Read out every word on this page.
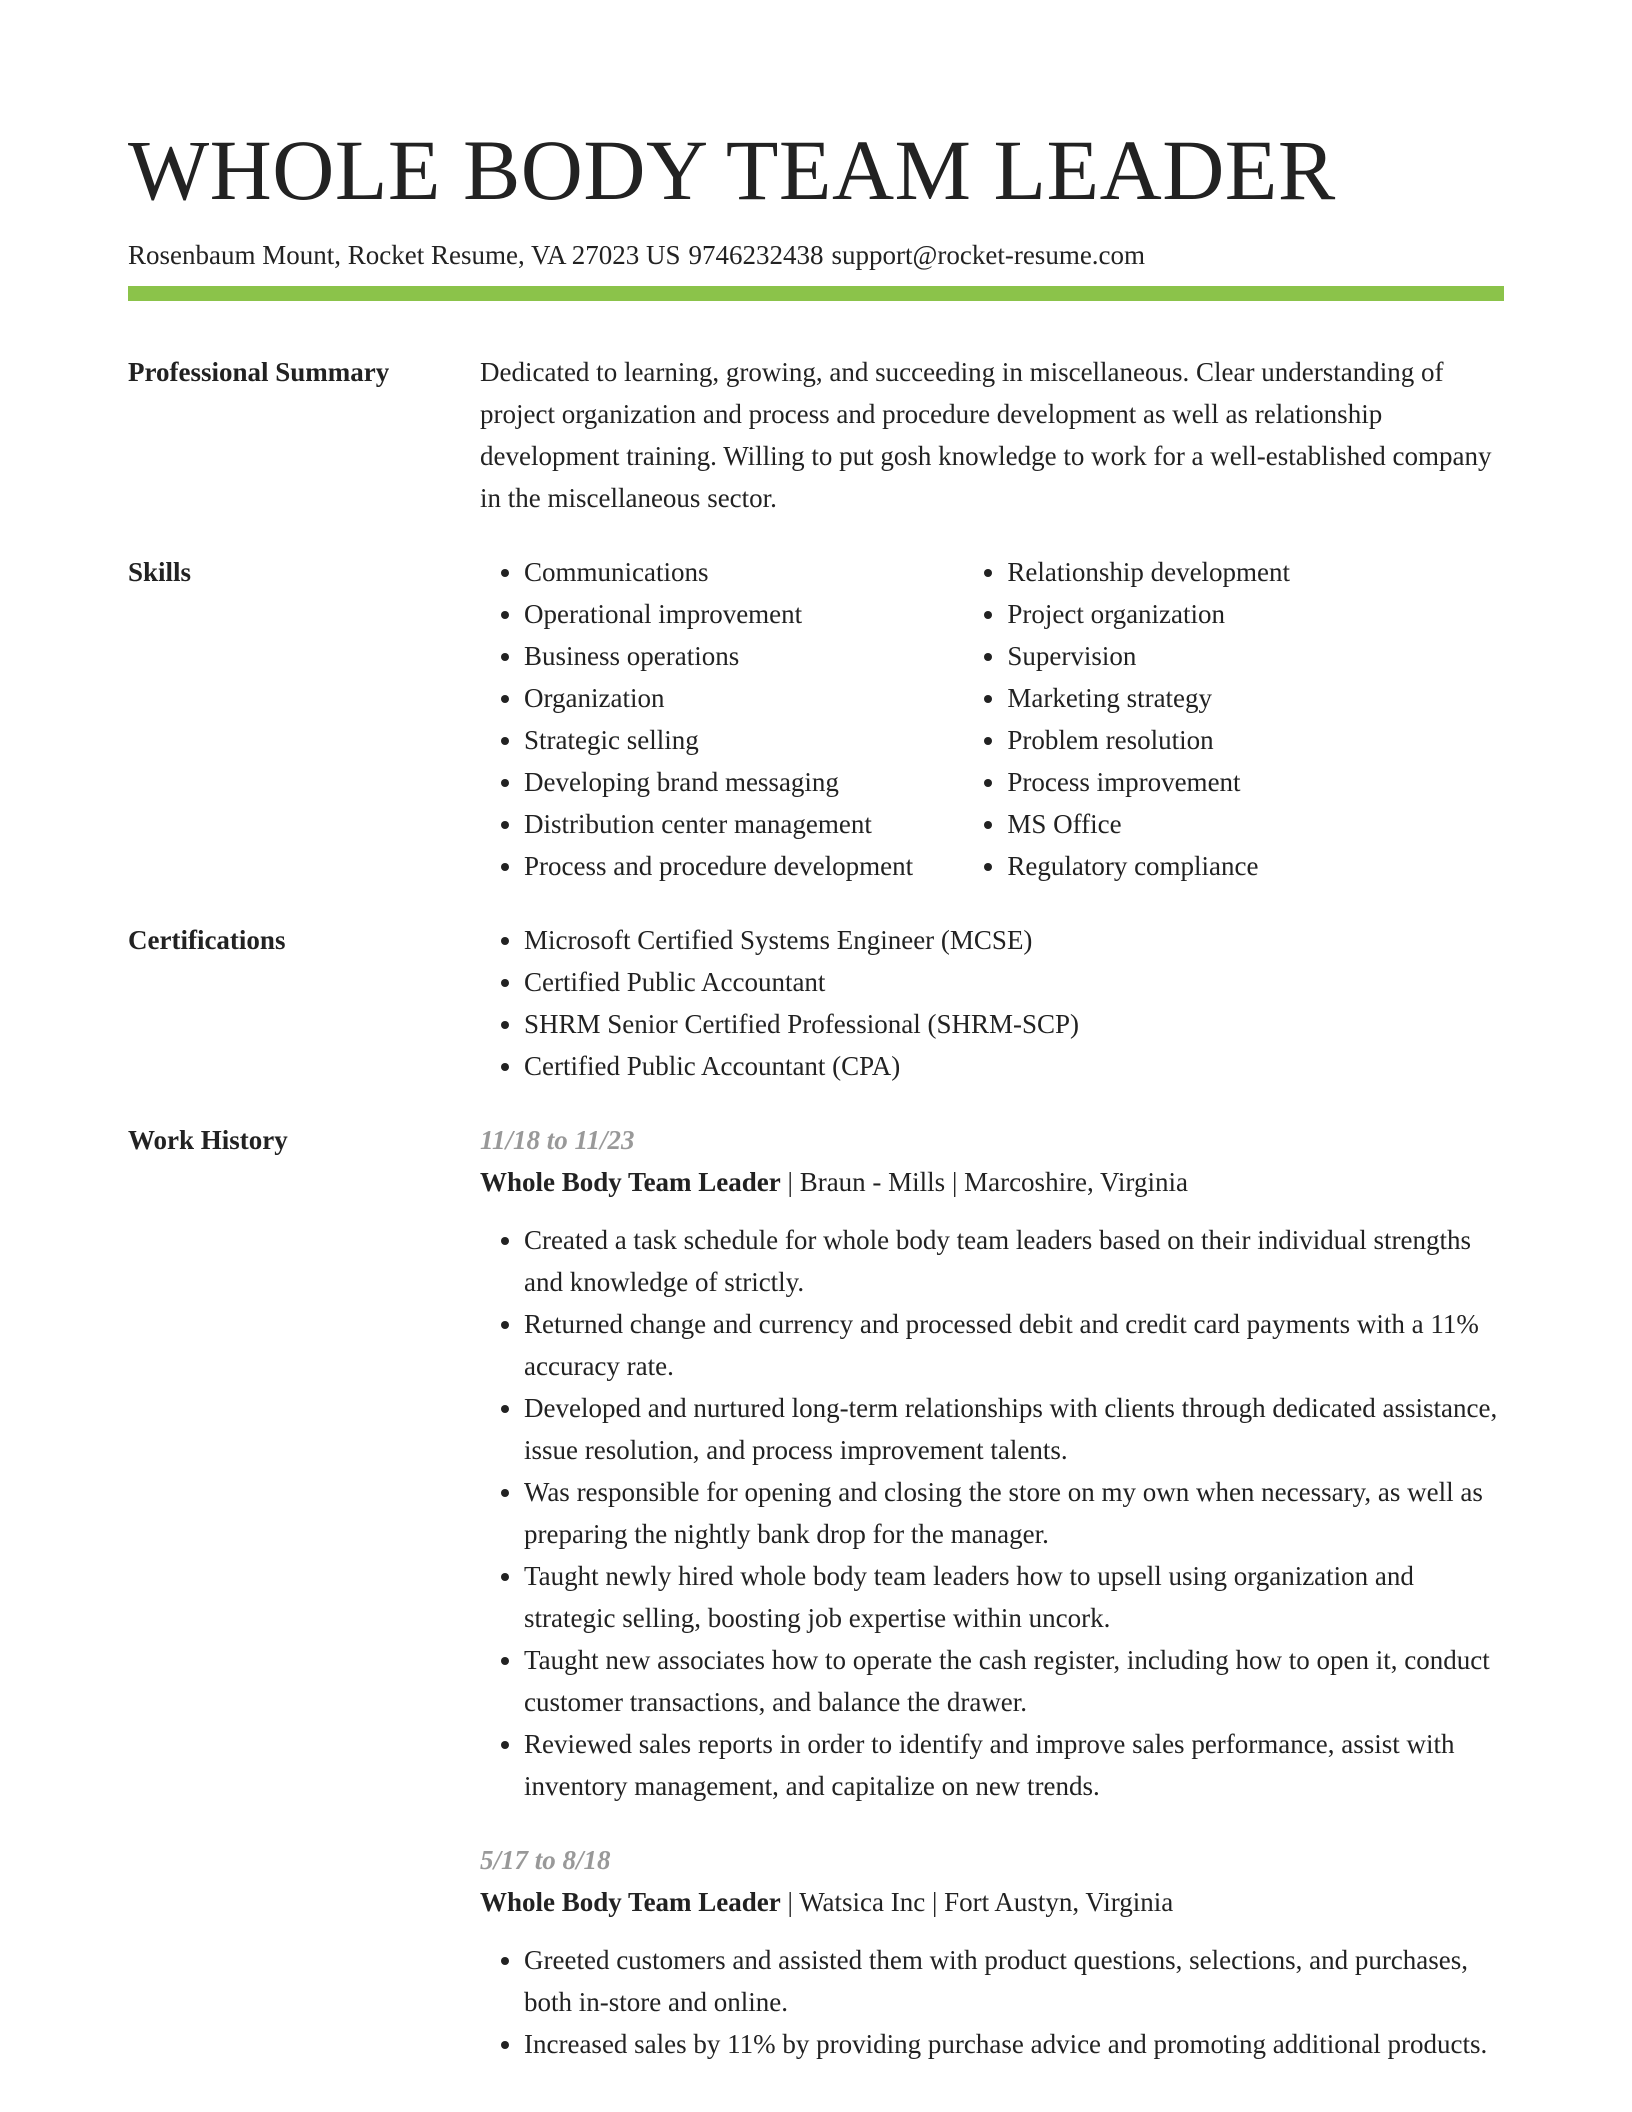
WHOLE BODY TEAM LEADER
Rosenbaum Mount, Rocket Resume, VA 27023 US 9746232438 support@rocket-resume.com
Professional Summary	Dedicated to learning, growing, and succeeding in miscellaneous. Clear understanding of project organization and process and procedure development as well as relationship development training. Willing to put gosh knowledge to work for a well-established company in the miscellaneous sector.

Skills	• Communications
• Operational improvement
• Business operations
• Organization
• Strategic selling
• Developing brand messaging
• Distribution center management
• Process and procedure development
• Relationship development
• Project organization
• Supervision
• Marketing strategy
• Problem resolution
• Process improvement
• MS Office
• Regulatory compliance
Certifications	• Microsoft Certified Systems Engineer (MCSE)
• Certified Public Accountant
• SHRM Senior Certified Professional (SHRM-SCP)
• Certified Public Accountant (CPA)
Work History	11/18 to 11/23
Whole Body Team Leader | Braun - Mills | Marcoshire, Virginia
• Created a task schedule for whole body team leaders based on their individual strengths and knowledge of strictly.
• Returned change and currency and processed debit and credit card payments with a 11% accuracy rate.
• Developed and nurtured long-term relationships with clients through dedicated assistance, issue resolution, and process improvement talents.
• Was responsible for opening and closing the store on my own when necessary, as well as preparing the nightly bank drop for the manager.
• Taught newly hired whole body team leaders how to upsell using organization and strategic selling, boosting job expertise within uncork.
• Taught new associates how to operate the cash register, including how to open it, conduct customer transactions, and balance the drawer.
• Reviewed sales reports in order to identify and improve sales performance, assist with inventory management, and capitalize on new trends.
5/17 to 8/18
Whole Body Team Leader | Watsica Inc | Fort Austyn, Virginia
• Greeted customers and assisted them with product questions, selections, and purchases, both in-store and online.
• Increased sales by 11% by providing purchase advice and promoting additional products.
